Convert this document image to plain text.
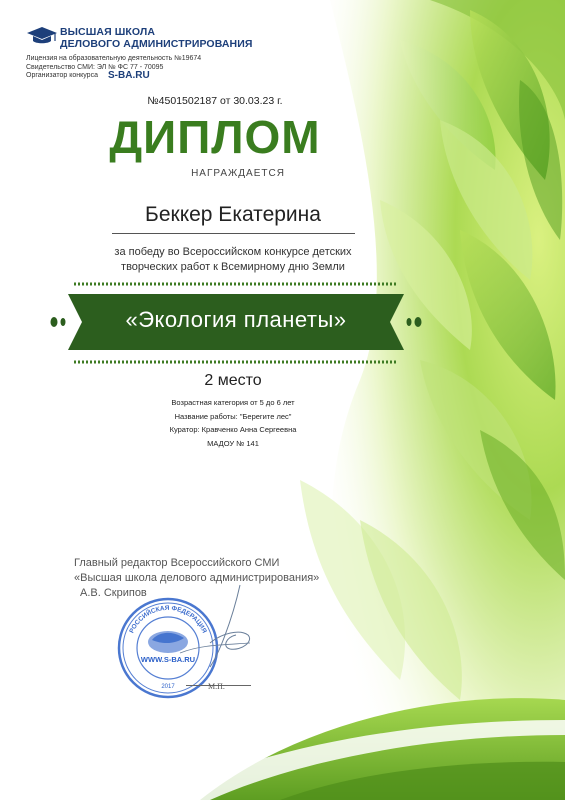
ВЫСШАЯ ШКОЛА
ДЕЛОВОГО АДМИНИСТРИРОВАНИЯ
Лицензия на образовательную деятельность №19674
Свидетельство СМИ: ЭЛ № ФС 77 - 70095
Организатор конкурса S-BA.RU
№4501502187 от 30.03.23 г.
ДИПЛОМ
НАГРАЖДАЕТСЯ
Беккер Екатерина
за победу во Всероссийском конкурсе детских
творческих работ к Всемирному дню Земли
«Экология планеты»
2 место
Возрастная категория от 5 до 6 лет
Название работы: "Берегите лес"
Куратор: Кравченко Анна Сергеевна
МАДОУ № 141
Главный редактор Всероссийского СМИ
«Высшая школа делового администрирования»
А.В. Скрипов
РОССИЙСКАЯ ФЕДЕРАЦИЯ
WWW.S-BA.RU
2017	М.П.
